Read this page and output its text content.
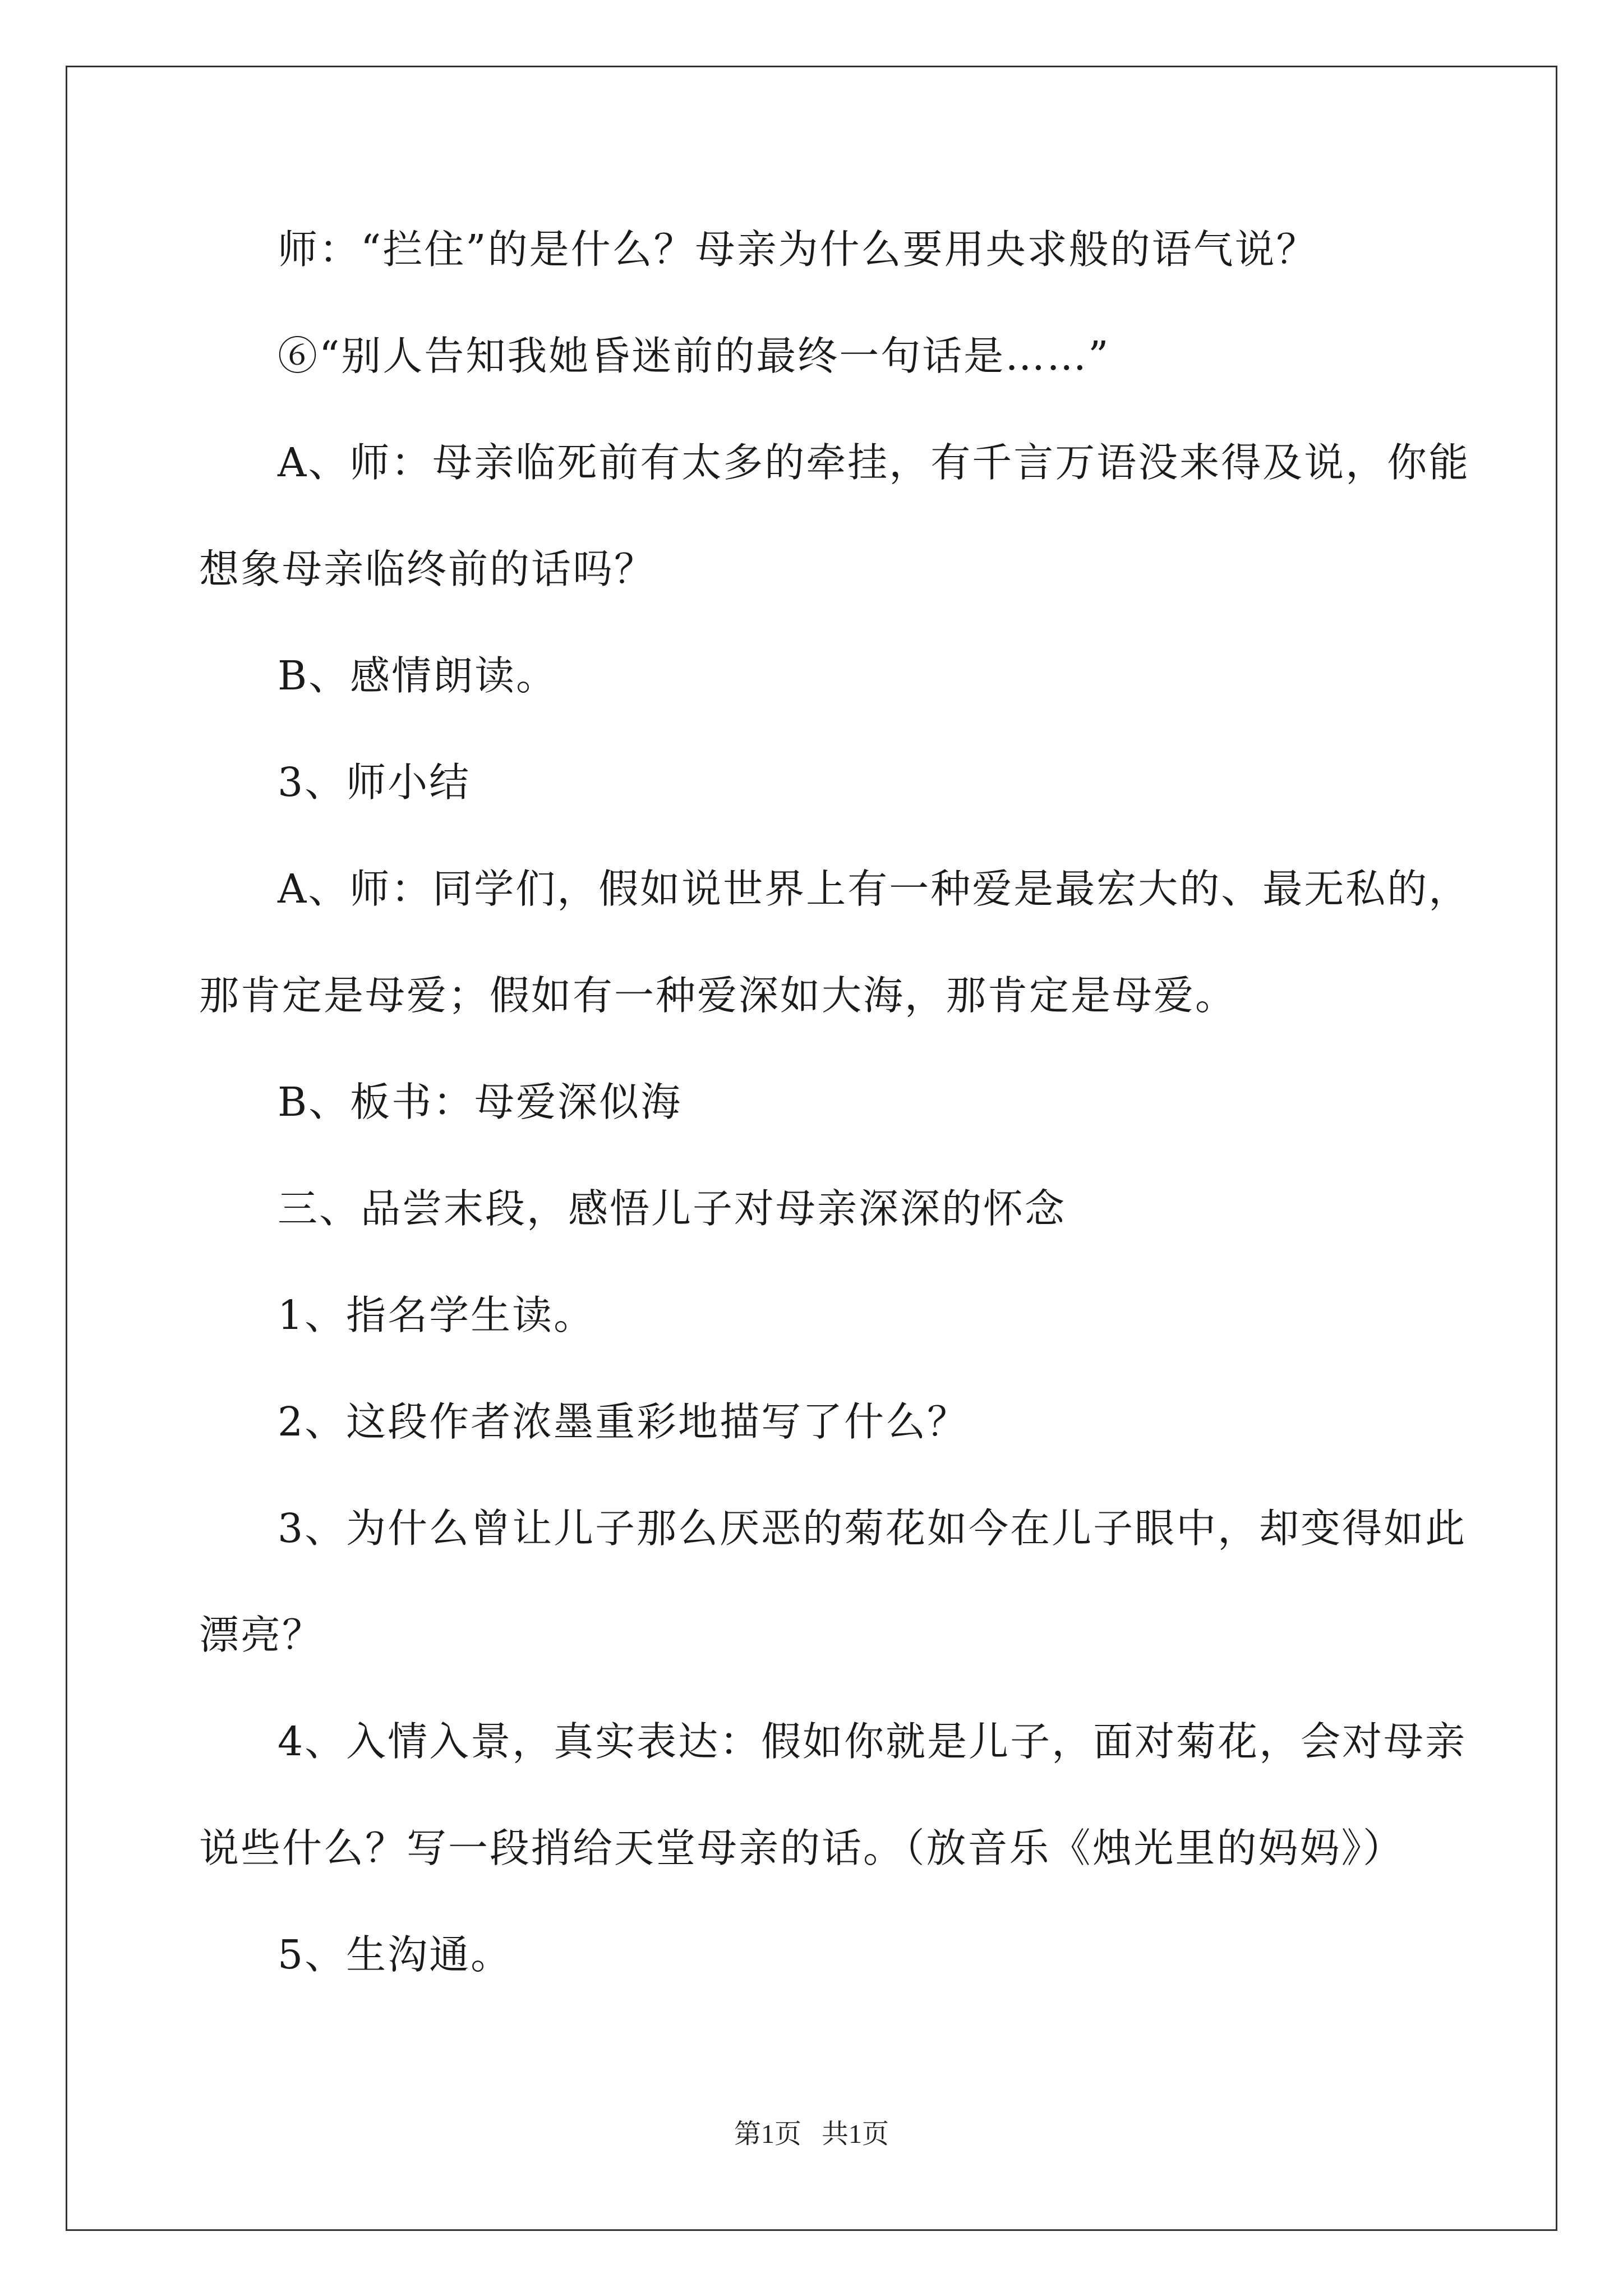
师：“拦住”的是什么？母亲为什么要用央求般的语气说？
⑥“别人告知我她昏迷前的最终一句话是……”
A、师：母亲临死前有太多的牵挂，有千言万语没来得及说，你能
想象母亲临终前的话吗？
B、感情朗读。
3、师小结
A、师：同学们，假如说世界上有一种爱是最宏大的、最无私的，
那肯定是母爱；假如有一种爱深如大海，那肯定是母爱。
B、板书：母爱深似海
三、品尝末段，感悟儿子对母亲深深的怀念
1、指名学生读。
2、这段作者浓墨重彩地描写了什么？
3、为什么曾让儿子那么厌恶的菊花如今在儿子眼中，却变得如此
漂亮？
4、入情入景，真实表达：假如你就是儿子，面对菊花，会对母亲
说些什么？写一段捎给天堂母亲的话。（放音乐《烛光里的妈妈》）
5、生沟通。
第1页   共1页
